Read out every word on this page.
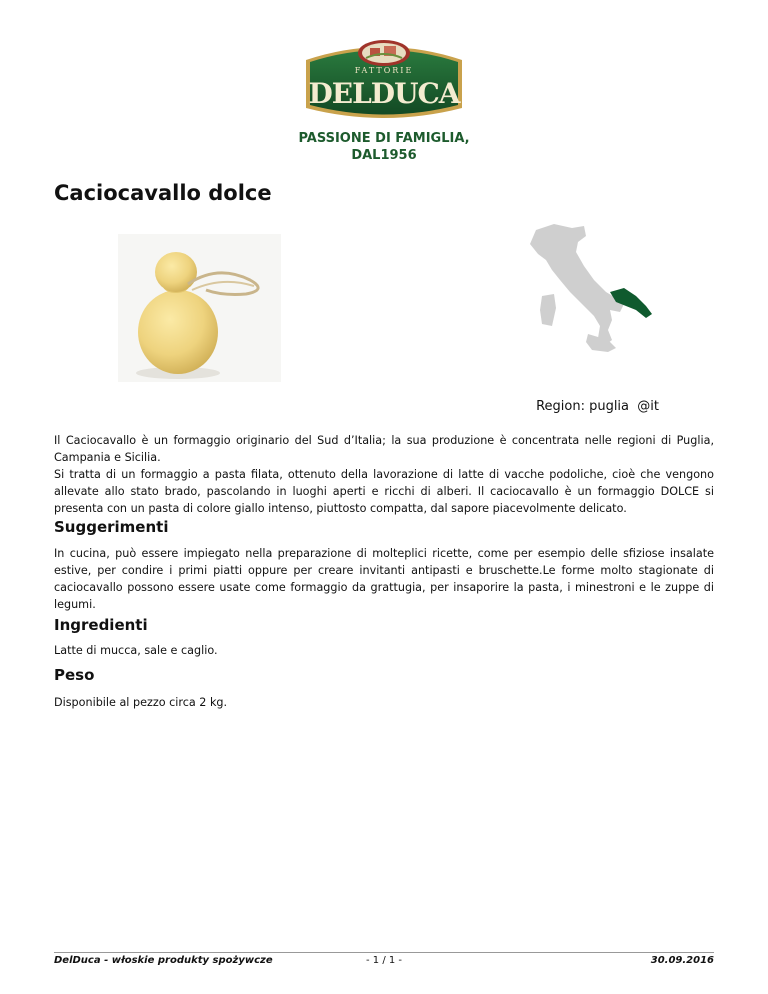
FATTORIE
DELDUCA
PASSIONE DI FAMIGLIA,
DAL1956
Caciocavallo dolce
Region: puglia @it

Il Caciocavallo è un formaggio originario del Sud d’Italia; la sua produzione è concentrata nelle regioni di Puglia, Campania e Sicilia.

Si tratta di un formaggio a pasta filata, ottenuto della lavorazione di latte di vacche podoliche, cioè che vengono allevate allo stato brado, pascolando in luoghi aperti e ricchi di alberi. Il caciocavallo è un formaggio DOLCE si presenta con un pasta di colore giallo intenso, piuttosto compatta, dal sapore piacevolmente delicato.

Suggerimenti

In cucina, può essere impiegato nella preparazione di molteplici ricette, come per esempio delle sfiziose insalate estive, per condire i primi piatti oppure per creare invitanti antipasti e bruschette.Le forme molto stagionate di caciocavallo possono essere usate come formaggio da grattugia, per insaporire la pasta, i minestroni e le zuppe di legumi.

Ingredienti

Latte di mucca, sale e caglio.

Peso

Disponibile al pezzo circa 2 kg.

- 1 / 1 -
DelDuca - włoskie produkty spożywcze	30.09.2016
